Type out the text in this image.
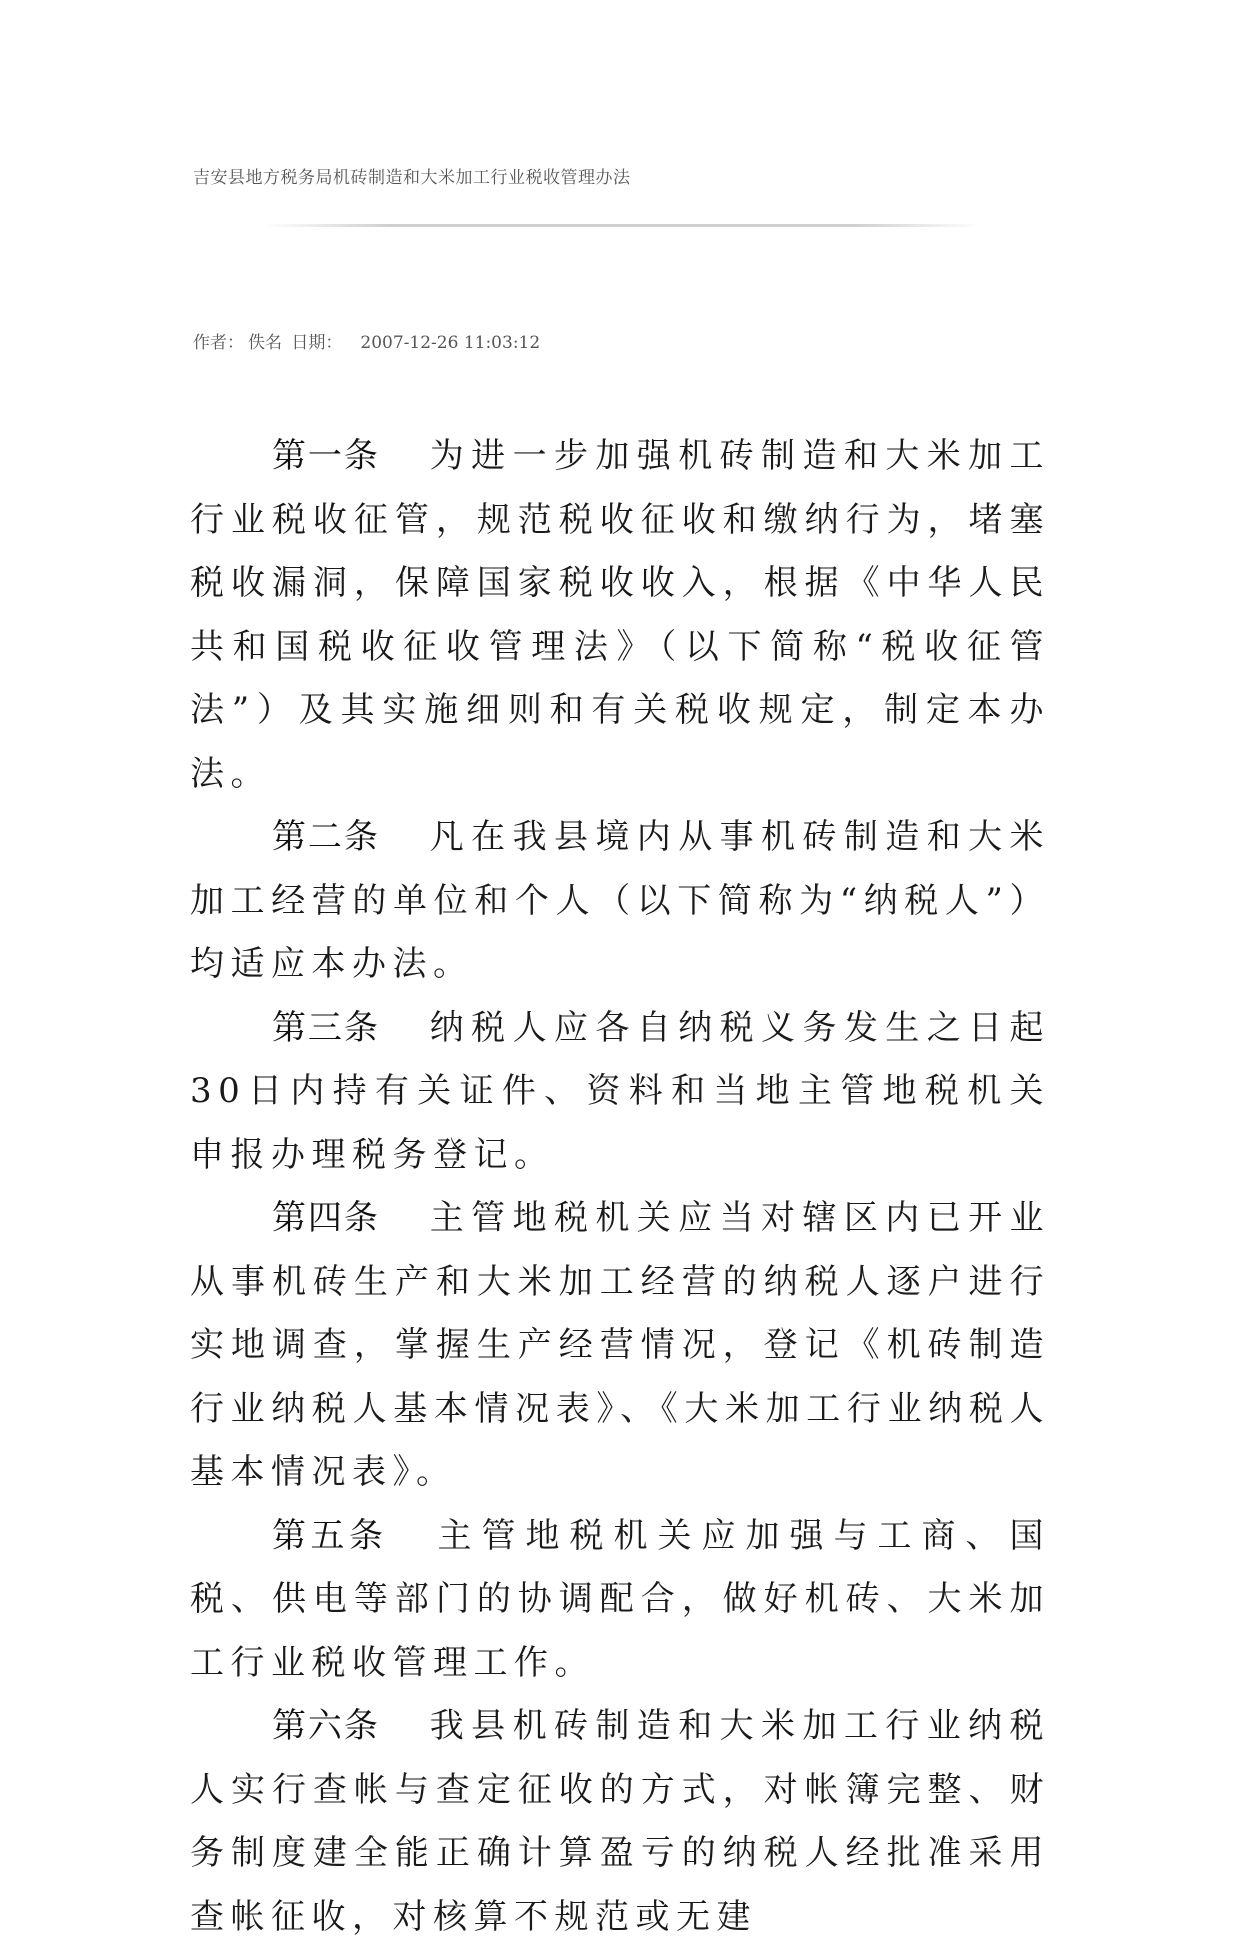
吉安县地方税务局机砖制造和大米加工行业税收管理办法
作者： 佚名 日期： 2007-12-26 11:03:12

第一条 为进一步加强机砖制造和大米加工行业税收征管，规范税收征收和缴纳行为，堵塞税收漏洞，保障国家税收收入，根据《中华人民共和国税收征收管理法》（以下简称“税收征管法”）及其实施细则和有关税收规定，制定本办法。

第二条 凡在我县境内从事机砖制造和大米加工经营的单位和个人（以下简称为“纳税人”）均适应本办法。

第三条 纳税人应各自纳税义务发生之日起30日内持有关证件、资料和当地主管地税机关申报办理税务登记。

第四条 主管地税机关应当对辖区内已开业从事机砖生产和大米加工经营的纳税人逐户进行实地调查，掌握生产经营情况，登记《机砖制造行业纳税人基本情况表》、《大米加工行业纳税人基本情况表》。

第五条 主管地税机关应加强与工商、国税、供电等部门的协调配合，做好机砖、大米加工行业税收管理工作。

第六条 我县机砖制造和大米加工行业纳税人实行查帐与查定征收的方式，对帐簿完整、财务制度建全能正确计算盈亏的纳税人经批准采用查帐征收，对核算不规范或无建
